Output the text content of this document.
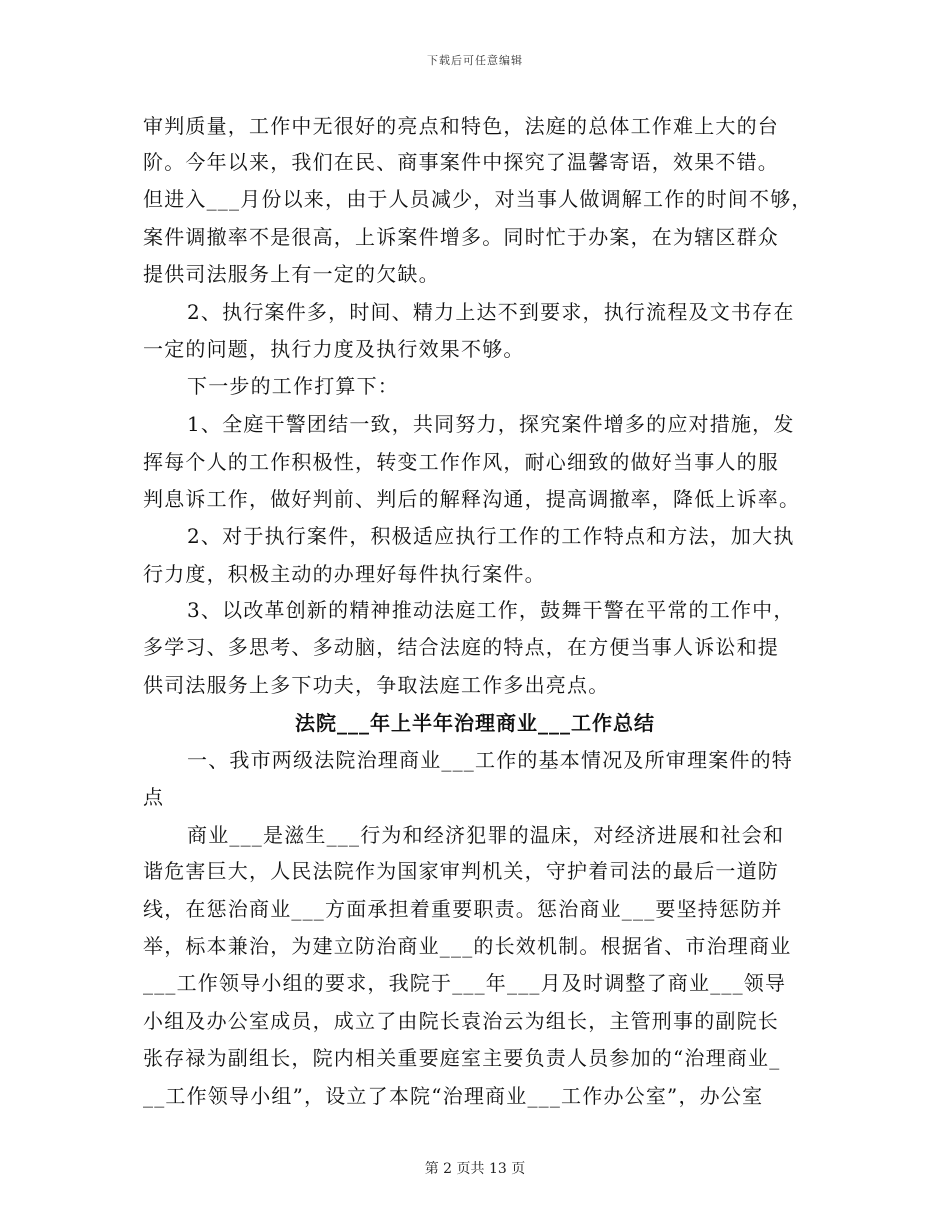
下载后可任意编辑
审判质量，工作中无很好的亮点和特色，法庭的总体工作难上大的台
阶。今年以来，我们在民、商事案件中探究了温馨寄语，效果不错。
但进入___月份以来，由于人员减少，对当事人做调解工作的时间不够，
案件调撤率不是很高，上诉案件增多。同时忙于办案，在为辖区群众
提供司法服务上有一定的欠缺。
2、执行案件多，时间、精力上达不到要求，执行流程及文书存在
一定的问题，执行力度及执行效果不够。
下一步的工作打算下：
1、全庭干警团结一致，共同努力，探究案件增多的应对措施，发
挥每个人的工作积极性，转变工作作风，耐心细致的做好当事人的服
判息诉工作，做好判前、判后的解释沟通，提高调撤率，降低上诉率。
2、对于执行案件，积极适应执行工作的工作特点和方法，加大执
行力度，积极主动的办理好每件执行案件。
3、以改革创新的精神推动法庭工作，鼓舞干警在平常的工作中，
多学习、多思考、多动脑，结合法庭的特点，在方便当事人诉讼和提
供司法服务上多下功夫，争取法庭工作多出亮点。
法院___年上半年治理商业___工作总结
一、我市两级法院治理商业___工作的基本情况及所审理案件的特
点
商业___是滋生___行为和经济犯罪的温床，对经济进展和社会和
谐危害巨大，人民法院作为国家审判机关，守护着司法的最后一道防
线，在惩治商业___方面承担着重要职责。惩治商业___要坚持惩防并
举，标本兼治，为建立防治商业___的长效机制。根据省、市治理商业
___工作领导小组的要求，我院于___年___月及时调整了商业___领导
小组及办公室成员，成立了由院长袁治云为组长，主管刑事的副院长
张存禄为副组长，院内相关重要庭室主要负责人员参加的“治理商业_
__工作领导小组”，设立了本院“治理商业___工作办公室”，办公室
第 2 页共 13 页
